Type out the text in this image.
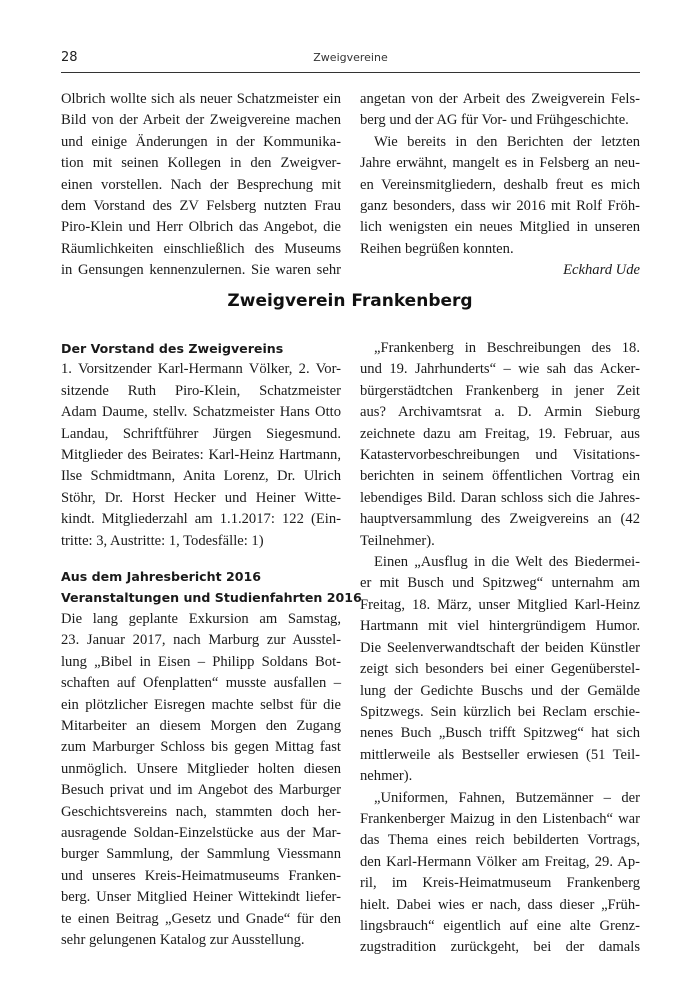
28	Zweigvereine

Olbrich wollte sich als neuer Schatzmeister ein
Bild von der Arbeit der Zweigvereine machen
und einige Änderungen in der Kommunika-
tion mit seinen Kollegen in den Zweigver-
einen vorstellen. Nach der Besprechung mit
dem Vorstand des ZV Felsberg nutzten Frau
Piro-Klein und Herr Olbrich das Angebot, die
Räumlichkeiten einschließlich des Museums
in Gensungen kennenzulernen. Sie waren sehr

angetan von der Arbeit des Zweigverein Fels-
berg und der AG für Vor- und Frühgeschichte.

Wie bereits in den Berichten der letzten
Jahre erwähnt, mangelt es in Felsberg an neu-
en Vereinsmitgliedern, deshalb freut es mich
ganz besonders, dass wir 2016 mit Rolf Fröh-
lich wenigsten ein neues Mitglied in unseren
Reihen begrüßen konnten.

Eckhard Ude

Zweigverein Frankenberg
Der Vorstand des Zweigvereins

1. Vorsitzender Karl-Hermann Völker, 2. Vor-
sitzende Ruth Piro-Klein, Schatzmeister
Adam Daume, stellv. Schatzmeister Hans Otto
Landau, Schriftführer Jürgen Siegesmund.
Mitglieder des Beirates: Karl-Heinz Hartmann,
Ilse Schmidtmann, Anita Lorenz, Dr. Ulrich
Stöhr, Dr. Horst Hecker und Heiner Witte-
kindt. Mitgliederzahl am 1.1.2017: 122 (Ein-
tritte: 3, Austritte: 1, Todesfälle: 1)

Aus dem Jahresbericht 2016
Veranstaltungen und Studienfahrten 2016

Die lang geplante Exkursion am Samstag,
23. Januar 2017, nach Marburg zur Ausstel-
lung „Bibel in Eisen – Philipp Soldans Bot-
schaften auf Ofenplatten“ musste ausfallen –
ein plötzlicher Eisregen machte selbst für die
Mitarbeiter an diesem Morgen den Zugang
zum Marburger Schloss bis gegen Mittag fast
unmöglich. Unsere Mitglieder holten diesen
Besuch privat und im Angebot des Marburger
Geschichtsvereins nach, stammten doch her-
ausragende Soldan-Einzelstücke aus der Mar-
burger Sammlung, der Sammlung Viessmann
und unseres Kreis-Heimatmuseums Franken-
berg. Unser Mitglied Heiner Wittekindt liefer-
te einen Beitrag „Gesetz und Gnade“ für den
sehr gelungenen Katalog zur Ausstellung.

„Frankenberg in Beschreibungen des 18.
und 19. Jahrhunderts“ – wie sah das Acker-
bürgerstädtchen Frankenberg in jener Zeit
aus? Archivamtsrat a. D. Armin Sieburg
zeichnete dazu am Freitag, 19. Februar, aus
Katastervorbeschreibungen und Visitations-
berichten in seinem öffentlichen Vortrag ein
lebendiges Bild. Daran schloss sich die Jahres-
hauptversammlung des Zweigvereins an (42
Teilnehmer).

Einen „Ausflug in die Welt des Biedermei-
er mit Busch und Spitzweg“ unternahm am
Freitag, 18. März, unser Mitglied Karl-Heinz
Hartmann mit viel hintergründigem Humor.
Die Seelenverwandtschaft der beiden Künstler
zeigt sich besonders bei einer Gegenüberstel-
lung der Gedichte Buschs und der Gemälde
Spitzwegs. Sein kürzlich bei Reclam erschie-
nenes Buch „Busch trifft Spitzweg“ hat sich
mittlerweile als Bestseller erwiesen (51 Teil-
nehmer).

„Uniformen, Fahnen, Butzemänner – der
Frankenberger Maizug in den Listenbach“ war
das Thema eines reich bebilderten Vortrags,
den Karl-Hermann Völker am Freitag, 29. Ap-
ril, im Kreis-Heimatmuseum Frankenberg
hielt. Dabei wies er nach, dass dieser „Früh-
lingsbrauch“ eigentlich auf eine alte Grenz-
zugstradition zurückgeht, bei der damals
